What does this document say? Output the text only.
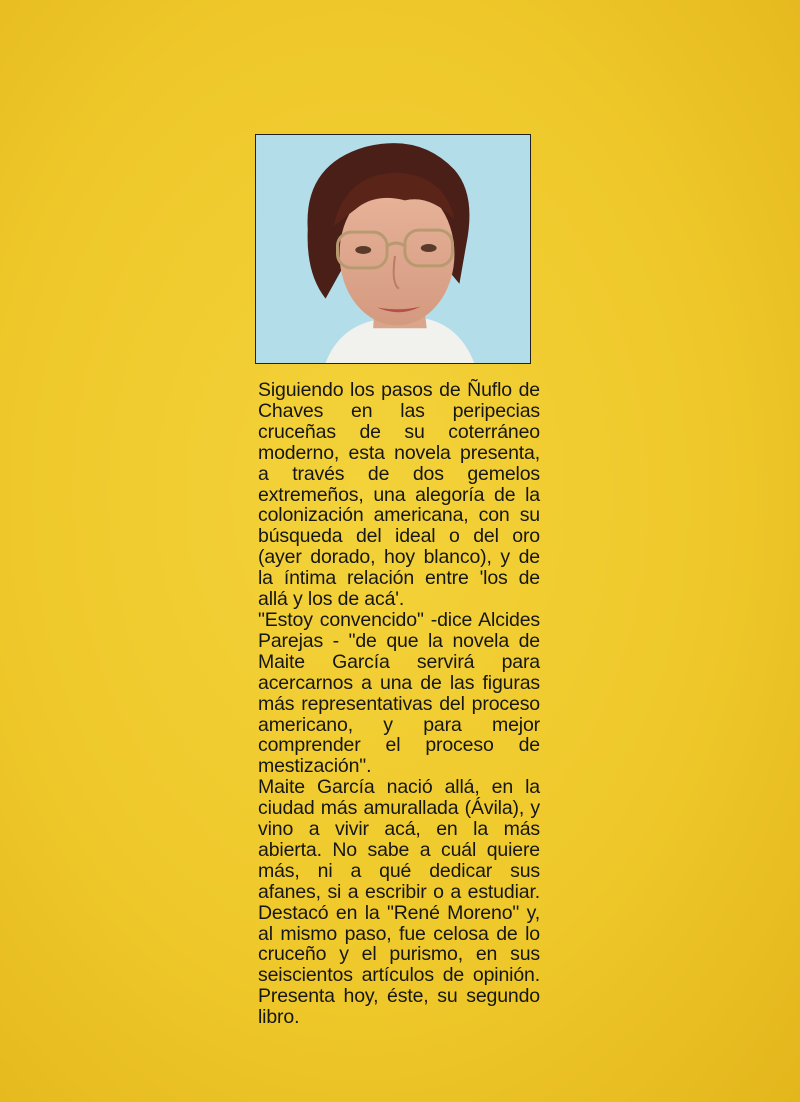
Siguiendo los pasos de Ñuflo de Chaves en las peripecias cruceñas de su coterráneo moderno, esta novela presenta, a través de dos gemelos extremeños, una alegoría de la colonización americana, con su búsqueda del ideal o del oro (ayer dorado, hoy blanco), y de la íntima relación entre 'los de allá y los de acá'.

"Estoy convencido" -dice Alcides Parejas - "de que la novela de Maite García servirá para acercarnos a una de las figuras más representativas del proceso americano, y para mejor comprender el proceso de mestización".

Maite García nació allá, en la ciudad más amurallada (Ávila), y vino a vivir acá, en la más abierta. No sabe a cuál quiere más, ni a qué dedicar sus afanes, si a escribir o a estudiar. Destacó en la "René Moreno" y, al mismo paso, fue celosa de lo cruceño y el purismo, en sus seiscientos artículos de opinión. Presenta hoy, éste, su segundo libro.
